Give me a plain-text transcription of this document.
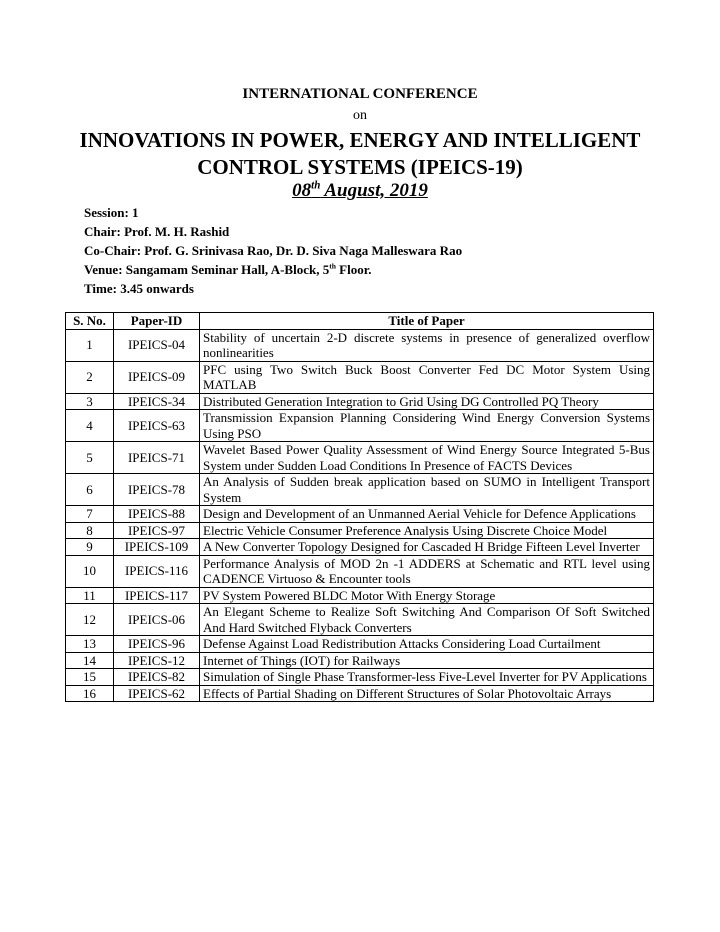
INTERNATIONAL CONFERENCE
on
INNOVATIONS IN POWER, ENERGY AND INTELLIGENT
CONTROL SYSTEMS (IPEICS-19)
08th August, 2019
Session: 1
Chair: Prof. M. H. Rashid
Co-Chair: Prof. G. Srinivasa Rao, Dr. D. Siva Naga Malleswara Rao
Venue: Sangamam Seminar Hall, A-Block, 5th Floor.
Time: 3.45 onwards
S. No.	Paper-ID	Title of Paper
1	IPEICS-04	Stability of uncertain 2-D discrete systems in presence of generalized overflow nonlinearities
2	IPEICS-09	PFC using Two Switch Buck Boost Converter Fed DC Motor System Using MATLAB
3	IPEICS-34	Distributed Generation Integration to Grid Using DG Controlled PQ Theory
4	IPEICS-63	Transmission Expansion Planning Considering Wind Energy Conversion Systems Using PSO
5	IPEICS-71	Wavelet Based Power Quality Assessment of Wind Energy Source Integrated 5-Bus System under Sudden Load Conditions In Presence of FACTS Devices
6	IPEICS-78	An Analysis of Sudden break application based on SUMO in Intelligent Transport System
7	IPEICS-88	Design and Development of an Unmanned Aerial Vehicle for Defence Applications
8	IPEICS-97	Electric Vehicle Consumer Preference Analysis Using Discrete Choice Model
9	IPEICS-109	A New Converter Topology Designed for Cascaded H Bridge Fifteen Level Inverter
10	IPEICS-116	Performance Analysis of MOD 2n -1 ADDERS at Schematic and RTL level using CADENCE Virtuoso & Encounter tools
11	IPEICS-117	PV System Powered BLDC Motor With Energy Storage
12	IPEICS-06	An Elegant Scheme to Realize Soft Switching And Comparison Of Soft Switched And Hard Switched Flyback Converters
13	IPEICS-96	Defense Against Load Redistribution Attacks Considering Load Curtailment
14	IPEICS-12	Internet of Things (IOT) for Railways
15	IPEICS-82	Simulation of Single Phase Transformer-less Five-Level Inverter for PV Applications
16	IPEICS-62	Effects of Partial Shading on Different Structures of Solar Photovoltaic Arrays
